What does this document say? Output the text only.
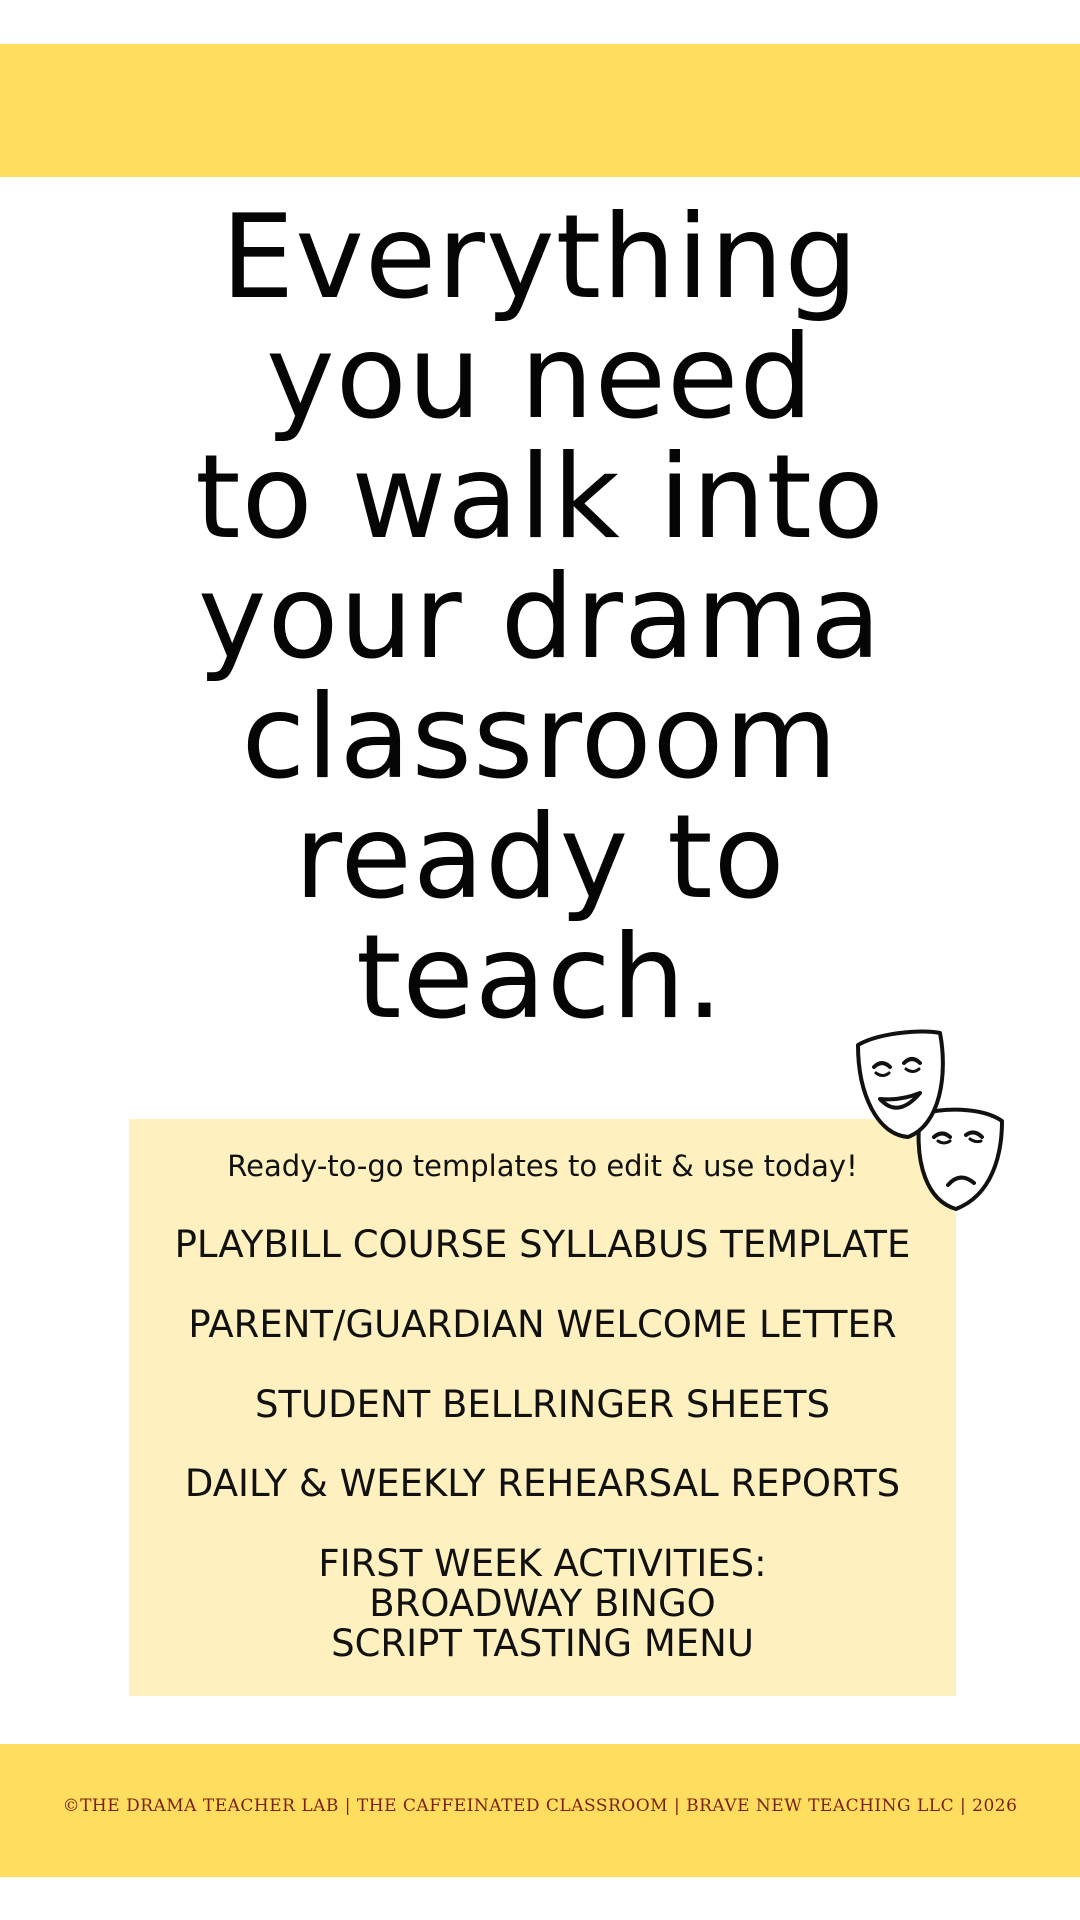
Everything
you need
to walk into
your drama
classroom
ready to
teach.
Ready-to-go templates to edit & use today!
PLAYBILL COURSE SYLLABUS TEMPLATE
PARENT/GUARDIAN WELCOME LETTER
STUDENT BELLRINGER SHEETS
DAILY & WEEKLY REHEARSAL REPORTS
FIRST WEEK ACTIVITIES:
BROADWAY BINGO
SCRIPT TASTING MENU
©THE DRAMA TEACHER LAB | THE CAFFEINATED CLASSROOM | BRAVE NEW TEACHING LLC | 2026
